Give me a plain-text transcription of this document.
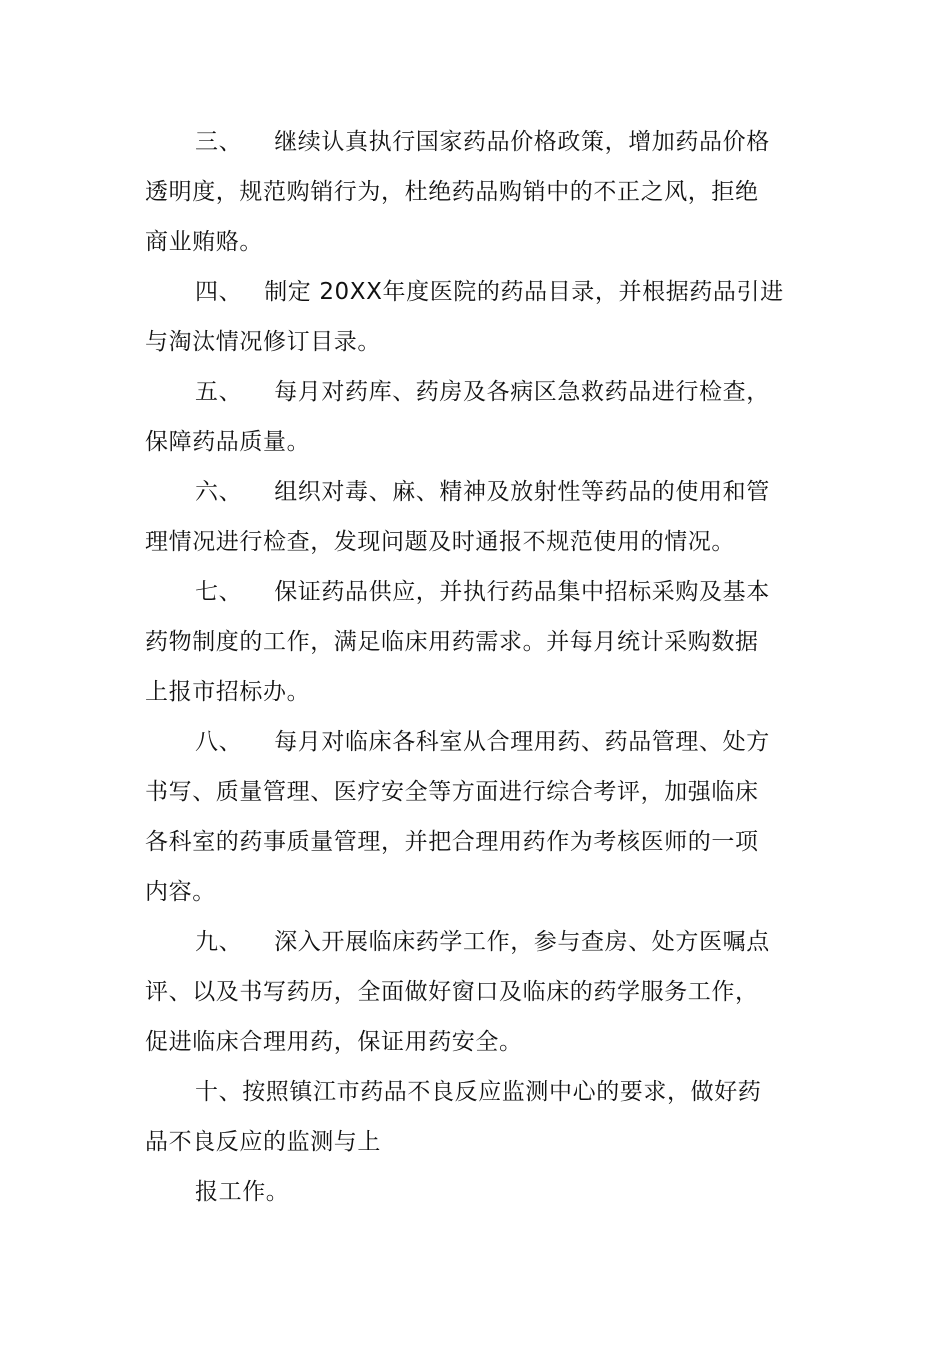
三、 继续认真执行国家药品价格政策，增加药品价格
透明度，规范购销行为，杜绝药品购销中的不正之风，拒绝
商业贿赂。
四、 制定 20XX年度医院的药品目录，并根据药品引进
与淘汰情况修订目录。
五、 每月对药库、药房及各病区急救药品进行检查，
保障药品质量。
六、 组织对毒、麻、精神及放射性等药品的使用和管
理情况进行检查，发现问题及时通报不规范使用的情况。
七、 保证药品供应，并执行药品集中招标采购及基本
药物制度的工作，满足临床用药需求。并每月统计采购数据
上报市招标办。
八、 每月对临床各科室从合理用药、药品管理、处方
书写、质量管理、医疗安全等方面进行综合考评，加强临床
各科室的药事质量管理，并把合理用药作为考核医师的一项
内容。
九、 深入开展临床药学工作，参与查房、处方医嘱点
评、以及书写药历，全面做好窗口及临床的药学服务工作，
促进临床合理用药，保证用药安全。
十、按照镇江市药品不良反应监测中心的要求，做好药
品不良反应的监测与上
报工作。
